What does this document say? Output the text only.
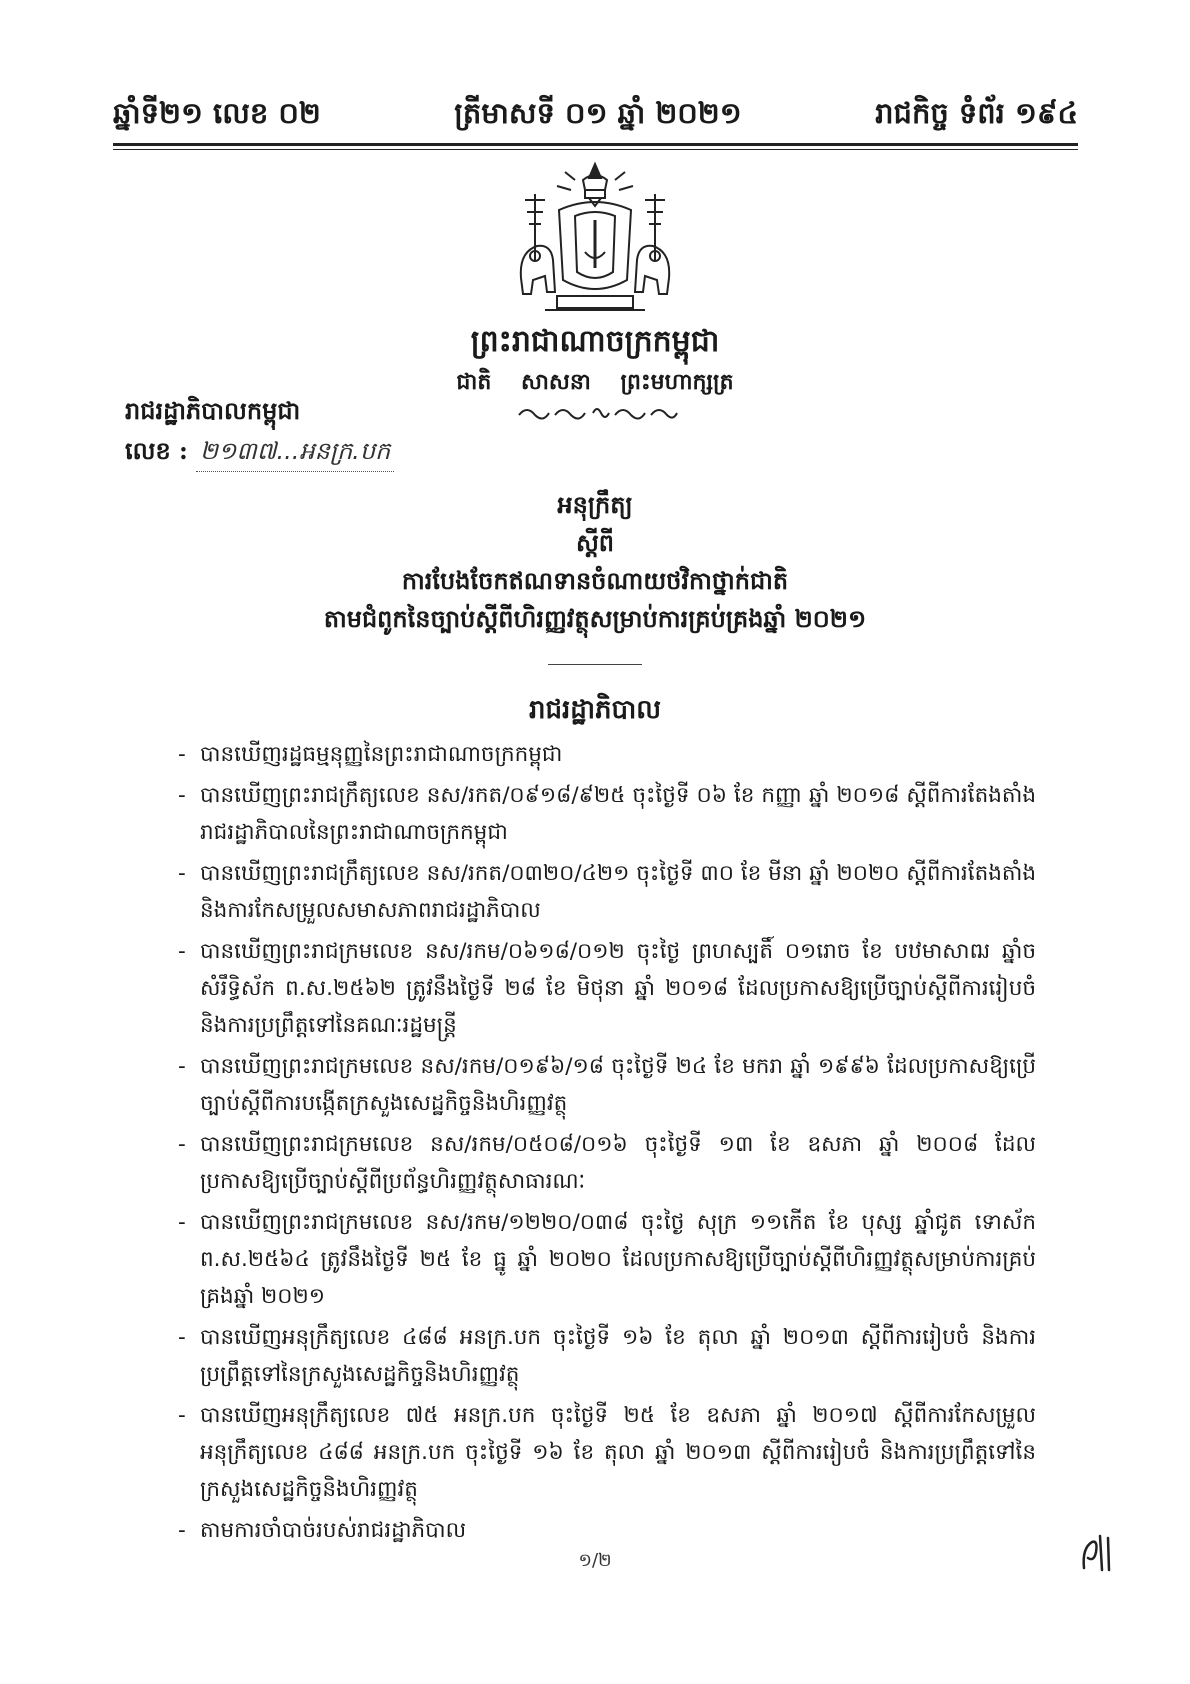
ឆ្នាំទី២១ លេខ ០២	ត្រីមាសទី ០១ ឆ្នាំ ២០២១	រាជកិច្ច ទំព័រ ១៩៤
ព្រះរាជាណាចក្រកម្ពុជា
ជាតិ សាសនា ព្រះមហាក្សត្រ
រាជរដ្ឋាភិបាលកម្ពុជា
លេខ : ២១៣៧...អនក្រ.បក
អនុក្រឹត្យ
ស្តីពី
ការបែងចែកឥណទានចំណាយថវិកាថ្នាក់ជាតិ
តាមជំពូកនៃច្បាប់ស្តីពីហិរញ្ញវត្ថុសម្រាប់ការគ្រប់គ្រងឆ្នាំ ២០២១
រាជរដ្ឋាភិបាល
- បានឃើញរដ្ឋធម្មនុញ្ញនៃព្រះរាជាណាចក្រកម្ពុជា
- បានឃើញព្រះរាជក្រឹត្យលេខ នស/រកត/០៩១៨/៩២៥ ចុះថ្ងៃទី ០៦ ខែ កញ្ញា ឆ្នាំ ២០១៨ ស្តីពីការតែងតាំងរាជរដ្ឋាភិបាលនៃព្រះរាជាណាចក្រកម្ពុជា
- បានឃើញព្រះរាជក្រឹត្យលេខ នស/រកត/០៣២០/៤២១ ចុះថ្ងៃទី ៣០ ខែ មីនា ឆ្នាំ ២០២០ ស្តីពីការតែងតាំងនិងការកែសម្រួលសមាសភាពរាជរដ្ឋាភិបាល
- បានឃើញព្រះរាជក្រមលេខ នស/រកម/០៦១៨/០១២ ចុះថ្ងៃ ព្រហស្បតិ៍ ០១រោច ខែ បឋមាសាឍ ឆ្នាំច សំរឹទ្ធិស័ក ព.ស.២៥៦២ ត្រូវនឹងថ្ងៃទី ២៨ ខែ មិថុនា ឆ្នាំ ២០១៨ ដែលប្រកាសឱ្យប្រើច្បាប់ស្តីពីការរៀបចំ និងការប្រព្រឹត្តទៅនៃគណៈរដ្ឋមន្ត្រី
- បានឃើញព្រះរាជក្រមលេខ នស/រកម/០១៩៦/១៨ ចុះថ្ងៃទី ២៤ ខែ មករា ឆ្នាំ ១៩៩៦ ដែលប្រកាសឱ្យប្រើច្បាប់ស្តីពីការបង្កើតក្រសួងសេដ្ឋកិច្ចនិងហិរញ្ញវត្ថុ
- បានឃើញព្រះរាជក្រមលេខ នស/រកម/០៥០៨/០១៦ ចុះថ្ងៃទី ១៣ ខែ ឧសភា ឆ្នាំ ២០០៨ ដែលប្រកាសឱ្យប្រើច្បាប់ស្តីពីប្រព័ន្ធហិរញ្ញវត្ថុសាធារណៈ
- បានឃើញព្រះរាជក្រមលេខ នស/រកម/១២២០/០៣៨ ចុះថ្ងៃ សុក្រ ១១កើត ខែ បុស្ស ឆ្នាំជូត ទោស័ក ព.ស.២៥៦៤ ត្រូវនឹងថ្ងៃទី ២៥ ខែ ធ្នូ ឆ្នាំ ២០២០ ដែលប្រកាសឱ្យប្រើច្បាប់ស្តីពីហិរញ្ញវត្ថុសម្រាប់ការគ្រប់គ្រងឆ្នាំ ២០២១
- បានឃើញអនុក្រឹត្យលេខ ៤៨៨ អនក្រ.បក ចុះថ្ងៃទី ១៦ ខែ តុលា ឆ្នាំ ២០១៣ ស្តីពីការរៀបចំ និងការប្រព្រឹត្តទៅនៃក្រសួងសេដ្ឋកិច្ចនិងហិរញ្ញវត្ថុ
- បានឃើញអនុក្រឹត្យលេខ ៧៥ អនក្រ.បក ចុះថ្ងៃទី ២៥ ខែ ឧសភា ឆ្នាំ ២០១៧ ស្តីពីការកែសម្រួលអនុក្រឹត្យលេខ ៤៨៨ អនក្រ.បក ចុះថ្ងៃទី ១៦ ខែ តុលា ឆ្នាំ ២០១៣ ស្តីពីការរៀបចំ និងការប្រព្រឹត្តទៅនៃក្រសួងសេដ្ឋកិច្ចនិងហិរញ្ញវត្ថុ
- តាមការចាំបាច់របស់រាជរដ្ឋាភិបាល
១/២
